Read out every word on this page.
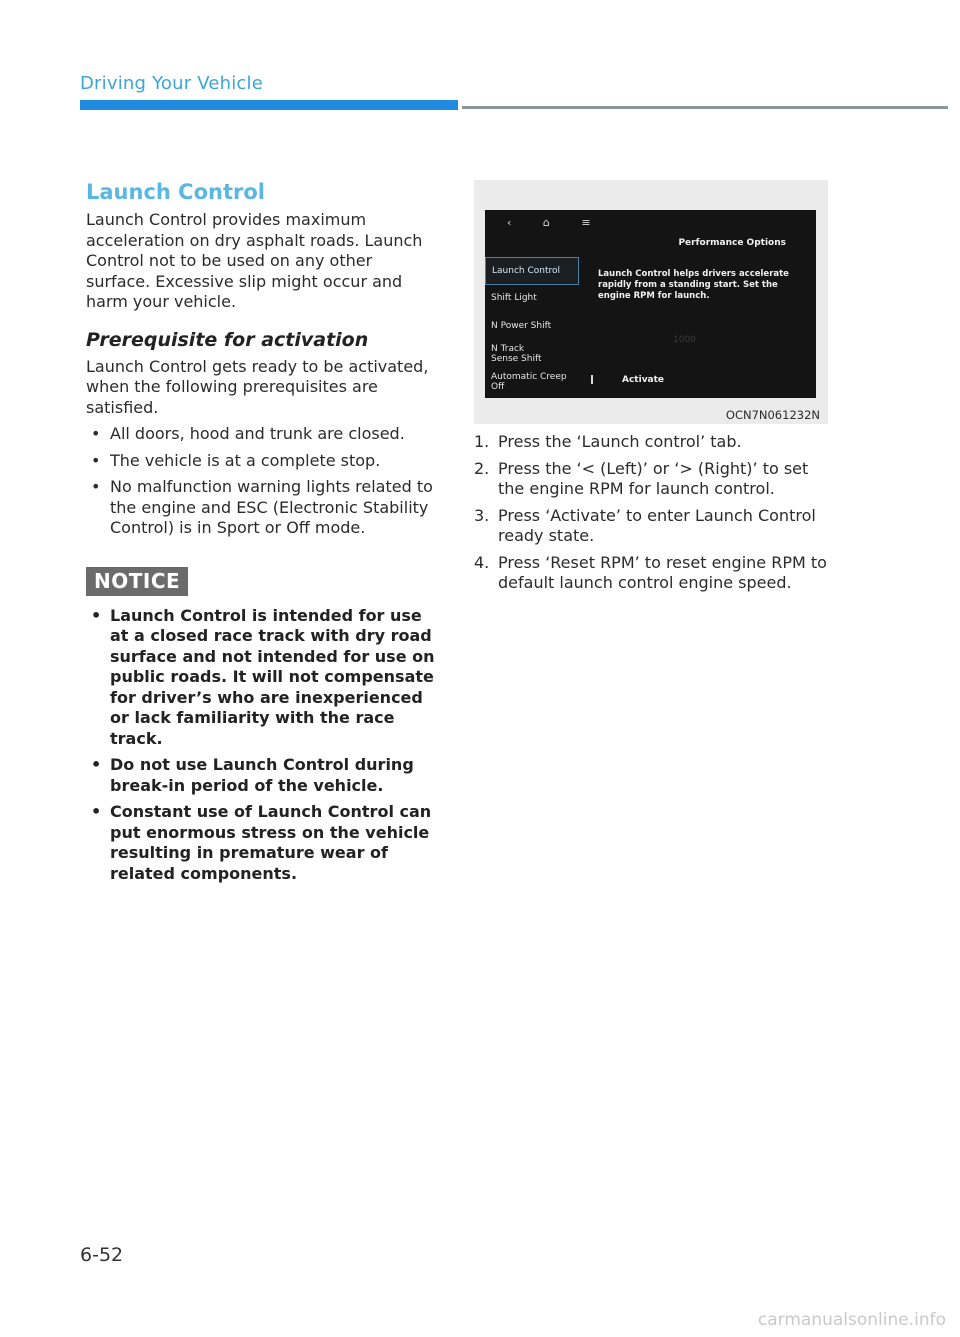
Driving Your Vehicle
Launch Control

Launch Control provides maximum acceleration on dry asphalt roads. Launch Control not to be used on any other surface. Excessive slip might occur and harm your vehicle.

Prerequisite for activation

Launch Control gets ready to be activated, when the following prerequisites are satisfied.

• All doors, hood and trunk are closed.
• The vehicle is at a complete stop.
• No malfunction warning lights related to the engine and ESC (Electronic Stability Control) is in Sport or Off mode.
NOTICE
• Launch Control is intended for use at a closed race track with dry road surface and not intended for use on public roads. It will not compensate for driver’s who are inexperienced or lack familiarity with the race track.
• Do not use Launch Control during break-in period of the vehicle.
• Constant use of Launch Control can put enormous stress on the vehicle resulting in premature wear of related components.
‹	⌂	≡
Performance Options
Launch Control
Shift Light
N Power Shift
N Track
Sense Shift
Automatic Creep
Off
Launch Control helps drivers accelerate rapidly from a standing start. Set the engine RPM for launch.
1000
Activate
OCN7N061232N
1. Press the ‘Launch control’ tab.
2. Press the ‘< (Left)’ or ‘> (Right)’ to set the engine RPM for launch control.
3. Press ‘Activate’ to enter Launch Control ready state.
4. Press ‘Reset RPM’ to reset engine RPM to default launch control engine speed.
6-52
carmanualsonline.info
